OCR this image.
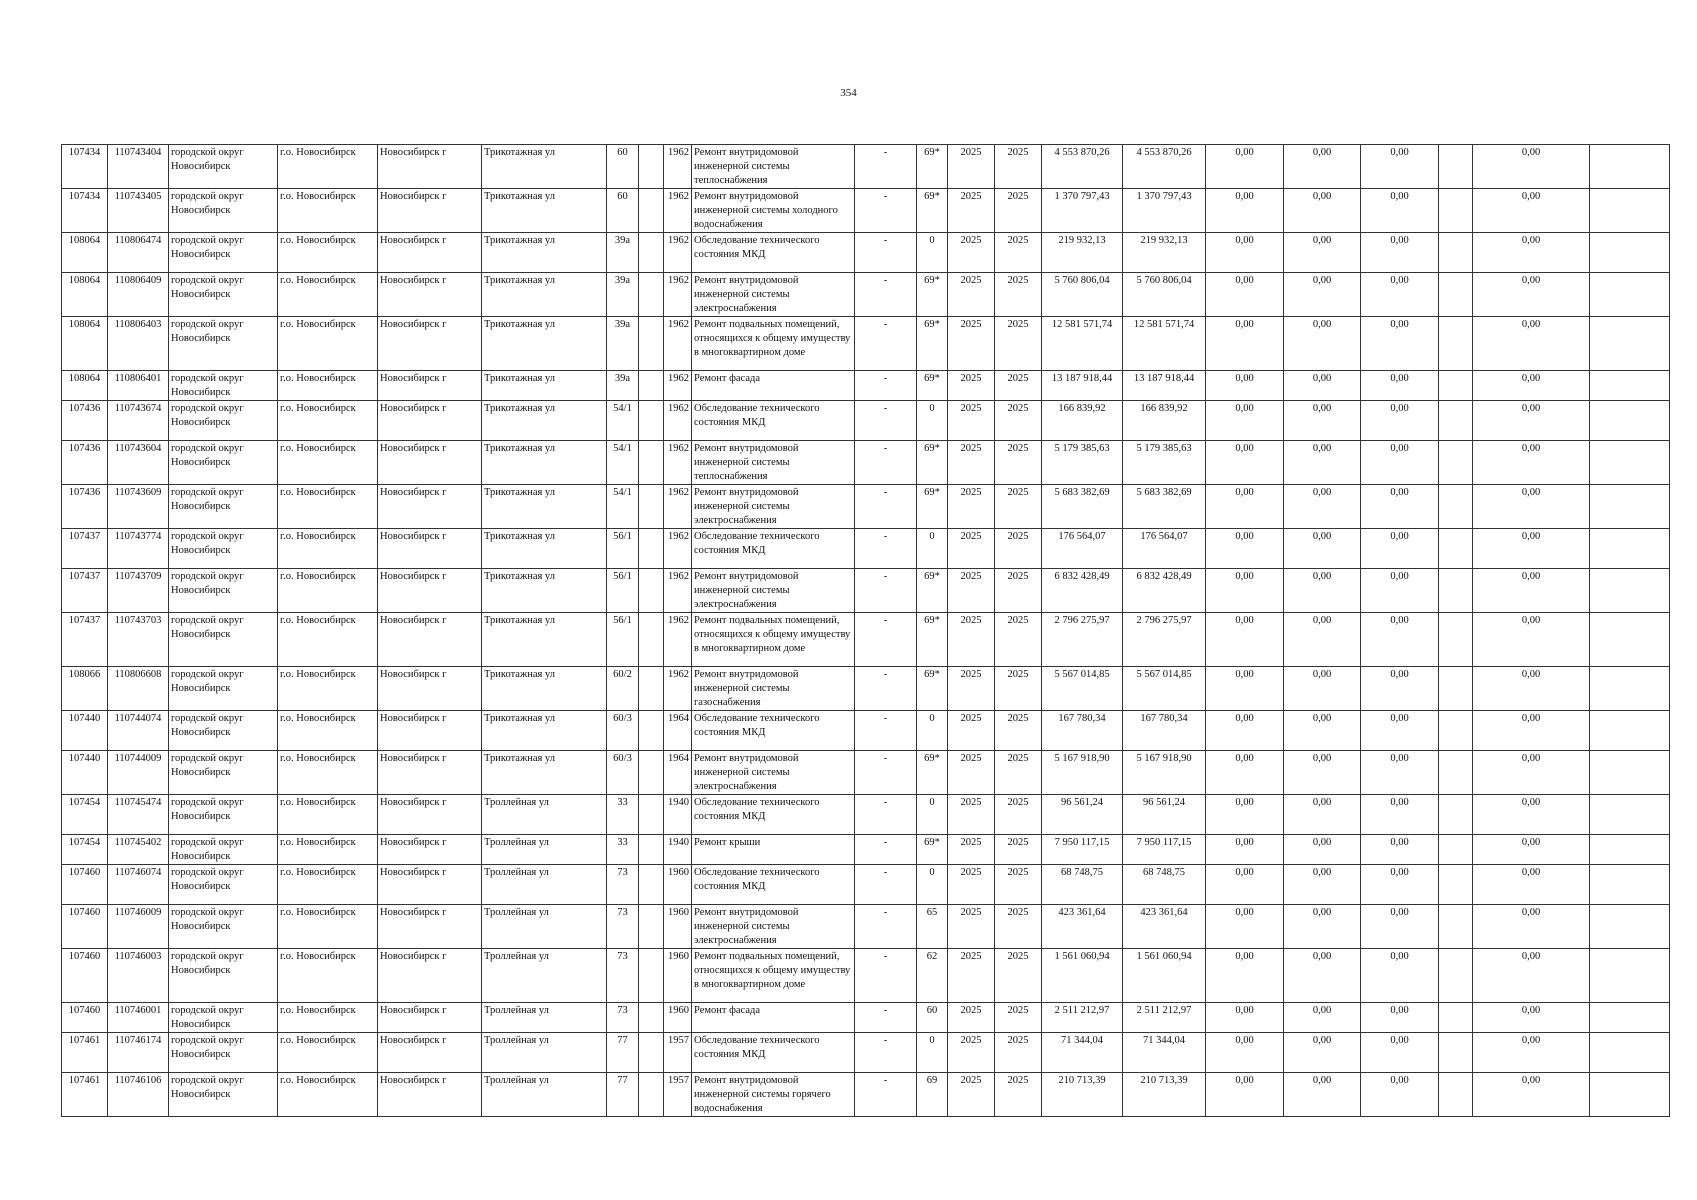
354
107434	110743404	городской округ Новосибирск	г.о. Новосибирск	Новосибирск г	Трикотажная ул	60		1962	Ремонт внутридомовой инженерной системы теплоснабжения	-	69*	2025	2025	4 553 870,26	4 553 870,26	0,00	0,00	0,00		0,00	
107434	110743405	городской округ Новосибирск	г.о. Новосибирск	Новосибирск г	Трикотажная ул	60		1962	Ремонт внутридомовой инженерной системы холодного водоснабжения	-	69*	2025	2025	1 370 797,43	1 370 797,43	0,00	0,00	0,00		0,00	
108064	110806474	городской округ Новосибирск	г.о. Новосибирск	Новосибирск г	Трикотажная ул	39а		1962	Обследование технического состояния МКД	-	0	2025	2025	219 932,13	219 932,13	0,00	0,00	0,00		0,00	
108064	110806409	городской округ Новосибирск	г.о. Новосибирск	Новосибирск г	Трикотажная ул	39а		1962	Ремонт внутридомовой инженерной системы электроснабжения	-	69*	2025	2025	5 760 806,04	5 760 806,04	0,00	0,00	0,00		0,00	
108064	110806403	городской округ Новосибирск	г.о. Новосибирск	Новосибирск г	Трикотажная ул	39а		1962	Ремонт подвальных помещений, относящихся к общему имуществу в многоквартирном доме	-	69*	2025	2025	12 581 571,74	12 581 571,74	0,00	0,00	0,00		0,00	
108064	110806401	городской округ Новосибирск	г.о. Новосибирск	Новосибирск г	Трикотажная ул	39а		1962	Ремонт фасада	-	69*	2025	2025	13 187 918,44	13 187 918,44	0,00	0,00	0,00		0,00	
107436	110743674	городской округ Новосибирск	г.о. Новосибирск	Новосибирск г	Трикотажная ул	54/1		1962	Обследование технического состояния МКД	-	0	2025	2025	166 839,92	166 839,92	0,00	0,00	0,00		0,00	
107436	110743604	городской округ Новосибирск	г.о. Новосибирск	Новосибирск г	Трикотажная ул	54/1		1962	Ремонт внутридомовой инженерной системы теплоснабжения	-	69*	2025	2025	5 179 385,63	5 179 385,63	0,00	0,00	0,00		0,00	
107436	110743609	городской округ Новосибирск	г.о. Новосибирск	Новосибирск г	Трикотажная ул	54/1		1962	Ремонт внутридомовой инженерной системы электроснабжения	-	69*	2025	2025	5 683 382,69	5 683 382,69	0,00	0,00	0,00		0,00	
107437	110743774	городской округ Новосибирск	г.о. Новосибирск	Новосибирск г	Трикотажная ул	56/1		1962	Обследование технического состояния МКД	-	0	2025	2025	176 564,07	176 564,07	0,00	0,00	0,00		0,00	
107437	110743709	городской округ Новосибирск	г.о. Новосибирск	Новосибирск г	Трикотажная ул	56/1		1962	Ремонт внутридомовой инженерной системы электроснабжения	-	69*	2025	2025	6 832 428,49	6 832 428,49	0,00	0,00	0,00		0,00	
107437	110743703	городской округ Новосибирск	г.о. Новосибирск	Новосибирск г	Трикотажная ул	56/1		1962	Ремонт подвальных помещений, относящихся к общему имуществу в многоквартирном доме	-	69*	2025	2025	2 796 275,97	2 796 275,97	0,00	0,00	0,00		0,00	
108066	110806608	городской округ Новосибирск	г.о. Новосибирск	Новосибирск г	Трикотажная ул	60/2		1962	Ремонт внутридомовой инженерной системы газоснабжения	-	69*	2025	2025	5 567 014,85	5 567 014,85	0,00	0,00	0,00		0,00	
107440	110744074	городской округ Новосибирск	г.о. Новосибирск	Новосибирск г	Трикотажная ул	60/3		1964	Обследование технического состояния МКД	-	0	2025	2025	167 780,34	167 780,34	0,00	0,00	0,00		0,00	
107440	110744009	городской округ Новосибирск	г.о. Новосибирск	Новосибирск г	Трикотажная ул	60/3		1964	Ремонт внутридомовой инженерной системы электроснабжения	-	69*	2025	2025	5 167 918,90	5 167 918,90	0,00	0,00	0,00		0,00	
107454	110745474	городской округ Новосибирск	г.о. Новосибирск	Новосибирск г	Троллейная ул	33		1940	Обследование технического состояния МКД	-	0	2025	2025	96 561,24	96 561,24	0,00	0,00	0,00		0,00	
107454	110745402	городской округ Новосибирск	г.о. Новосибирск	Новосибирск г	Троллейная ул	33		1940	Ремонт крыши	-	69*	2025	2025	7 950 117,15	7 950 117,15	0,00	0,00	0,00		0,00	
107460	110746074	городской округ Новосибирск	г.о. Новосибирск	Новосибирск г	Троллейная ул	73		1960	Обследование технического состояния МКД	-	0	2025	2025	68 748,75	68 748,75	0,00	0,00	0,00		0,00	
107460	110746009	городской округ Новосибирск	г.о. Новосибирск	Новосибирск г	Троллейная ул	73		1960	Ремонт внутридомовой инженерной системы электроснабжения	-	65	2025	2025	423 361,64	423 361,64	0,00	0,00	0,00		0,00	
107460	110746003	городской округ Новосибирск	г.о. Новосибирск	Новосибирск г	Троллейная ул	73		1960	Ремонт подвальных помещений, относящихся к общему имуществу в многоквартирном доме	-	62	2025	2025	1 561 060,94	1 561 060,94	0,00	0,00	0,00		0,00	
107460	110746001	городской округ Новосибирск	г.о. Новосибирск	Новосибирск г	Троллейная ул	73		1960	Ремонт фасада	-	60	2025	2025	2 511 212,97	2 511 212,97	0,00	0,00	0,00		0,00	
107461	110746174	городской округ Новосибирск	г.о. Новосибирск	Новосибирск г	Троллейная ул	77		1957	Обследование технического состояния МКД	-	0	2025	2025	71 344,04	71 344,04	0,00	0,00	0,00		0,00	
107461	110746106	городской округ Новосибирск	г.о. Новосибирск	Новосибирск г	Троллейная ул	77		1957	Ремонт внутридомовой инженерной системы горячего водоснабжения	-	69	2025	2025	210 713,39	210 713,39	0,00	0,00	0,00		0,00	
